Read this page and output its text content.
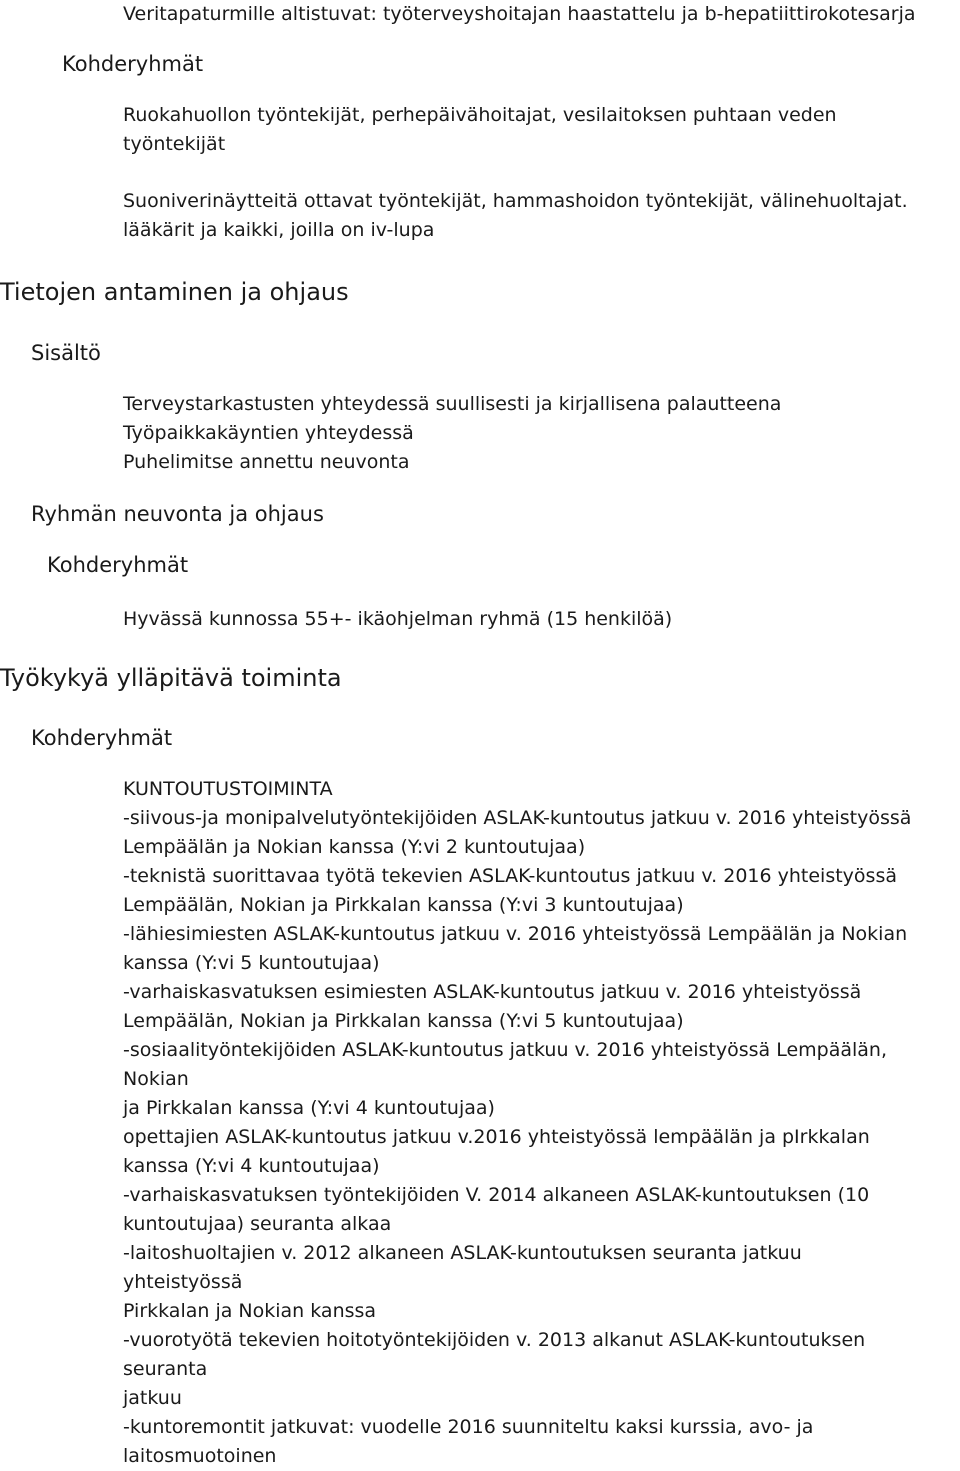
Veritapaturmille altistuvat: työterveyshoitajan haastattelu ja b-hepatiittirokotesarja

Kohderyhmät

Ruokahuollon työntekijät, perhepäivähoitajat, vesilaitoksen puhtaan veden

työntekijät

Suoniverinäytteitä ottavat työntekijät, hammashoidon työntekijät, välinehuoltajat.

lääkärit ja kaikki, joilla on iv-lupa

Tietojen antaminen ja ohjaus

Sisältö

Terveystarkastusten yhteydessä suullisesti ja kirjallisena palautteena

Työpaikkakäyntien yhteydessä

Puhelimitse annettu neuvonta

Ryhmän neuvonta ja ohjaus

Kohderyhmät

Hyvässä kunnossa 55+- ikäohjelman ryhmä (15 henkilöä)

Työkykyä ylläpitävä toiminta

Kohderyhmät

KUNTOUTUSTOIMINTA

-siivous-ja monipalvelutyöntekijöiden ASLAK-kuntoutus jatkuu v. 2016 yhteistyössä

Lempäälän ja Nokian kanssa (Y:vi 2 kuntoutujaa)

-teknistä suorittavaa työtä tekevien ASLAK-kuntoutus jatkuu v. 2016 yhteistyössä

Lempäälän, Nokian ja Pirkkalan kanssa (Y:vi 3 kuntoutujaa)

-lähiesimiesten ASLAK-kuntoutus jatkuu v. 2016 yhteistyössä Lempäälän ja Nokian

kanssa (Y:vi 5 kuntoutujaa)

-varhaiskasvatuksen esimiesten ASLAK-kuntoutus jatkuu v. 2016 yhteistyössä

Lempäälän, Nokian ja Pirkkalan kanssa (Y:vi 5 kuntoutujaa)

-sosiaalityöntekijöiden ASLAK-kuntoutus jatkuu v. 2016 yhteistyössä Lempäälän,

Nokian

ja Pirkkalan kanssa (Y:vi 4 kuntoutujaa)

opettajien ASLAK-kuntoutus jatkuu v.2016 yhteistyössä lempäälän ja pIrkkalan

kanssa (Y:vi 4 kuntoutujaa)

-varhaiskasvatuksen työntekijöiden V. 2014 alkaneen ASLAK-kuntoutuksen (10

kuntoutujaa) seuranta alkaa

-laitoshuoltajien v. 2012 alkaneen ASLAK-kuntoutuksen seuranta jatkuu

yhteistyössä

Pirkkalan ja Nokian kanssa

-vuorotyötä tekevien hoitotyöntekijöiden v. 2013 alkanut ASLAK-kuntoutuksen

seuranta

jatkuu

-kuntoremontit jatkuvat: vuodelle 2016 suunniteltu kaksi kurssia, avo- ja

laitosmuotoinen
